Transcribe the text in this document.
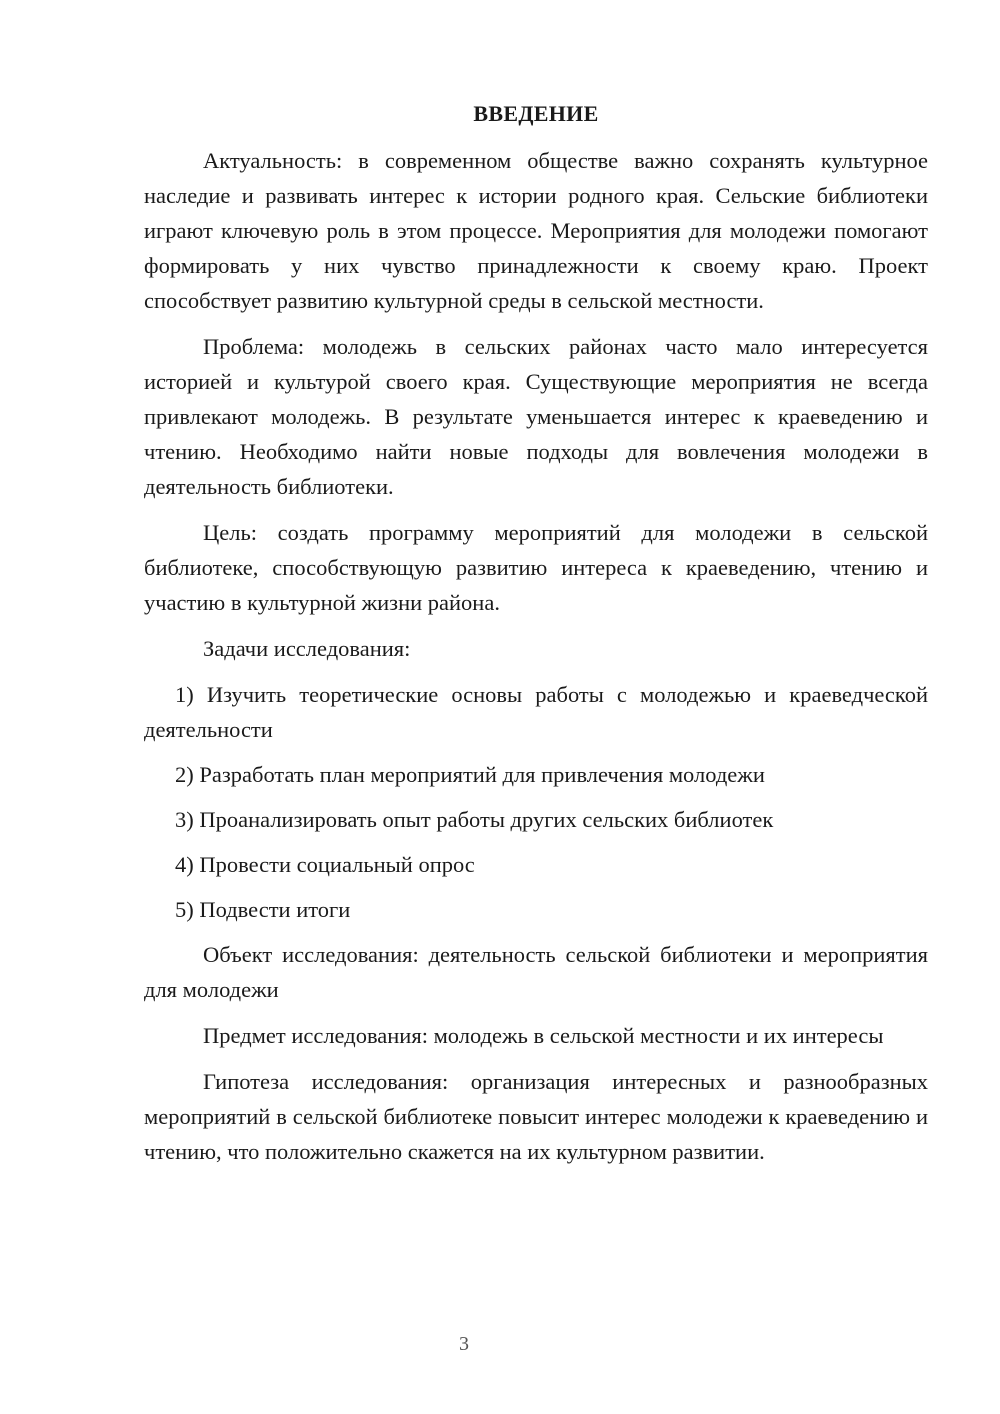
ВВЕДЕНИЕ

Актуальность: в современном обществе важно сохранять культурное наследие и развивать интерес к истории родного края. Сельские библиотеки играют ключевую роль в этом процессе. Мероприятия для молодежи помогают формировать у них чувство принадлежности к своему краю. Проект способствует развитию культурной среды в сельской местности.

Проблема: молодежь в сельских районах часто мало интересуется историей и культурой своего края. Существующие мероприятия не всегда привлекают молодежь. В результате уменьшается интерес к краеведению и чтению. Необходимо найти новые подходы для вовлечения молодежи в деятельность библиотеки.

Цель: создать программу мероприятий для молодежи в сельской библиотеке, способствующую развитию интереса к краеведению, чтению и участию в культурной жизни района.

Задачи исследования:

1) Изучить теоретические основы работы с молодежью и краеведческой деятельности

2) Разработать план мероприятий для привлечения молодежи

3) Проанализировать опыт работы других сельских библиотек

4) Провести социальный опрос

5) Подвести итоги

Объект исследования: деятельность сельской библиотеки и мероприятия для молодежи

Предмет исследования: молодежь в сельской местности и их интересы

Гипотеза исследования: организация интересных и разнообразных мероприятий в сельской библиотеке повысит интерес молодежи к краеведению и чтению, что положительно скажется на их культурном развитии.

3
